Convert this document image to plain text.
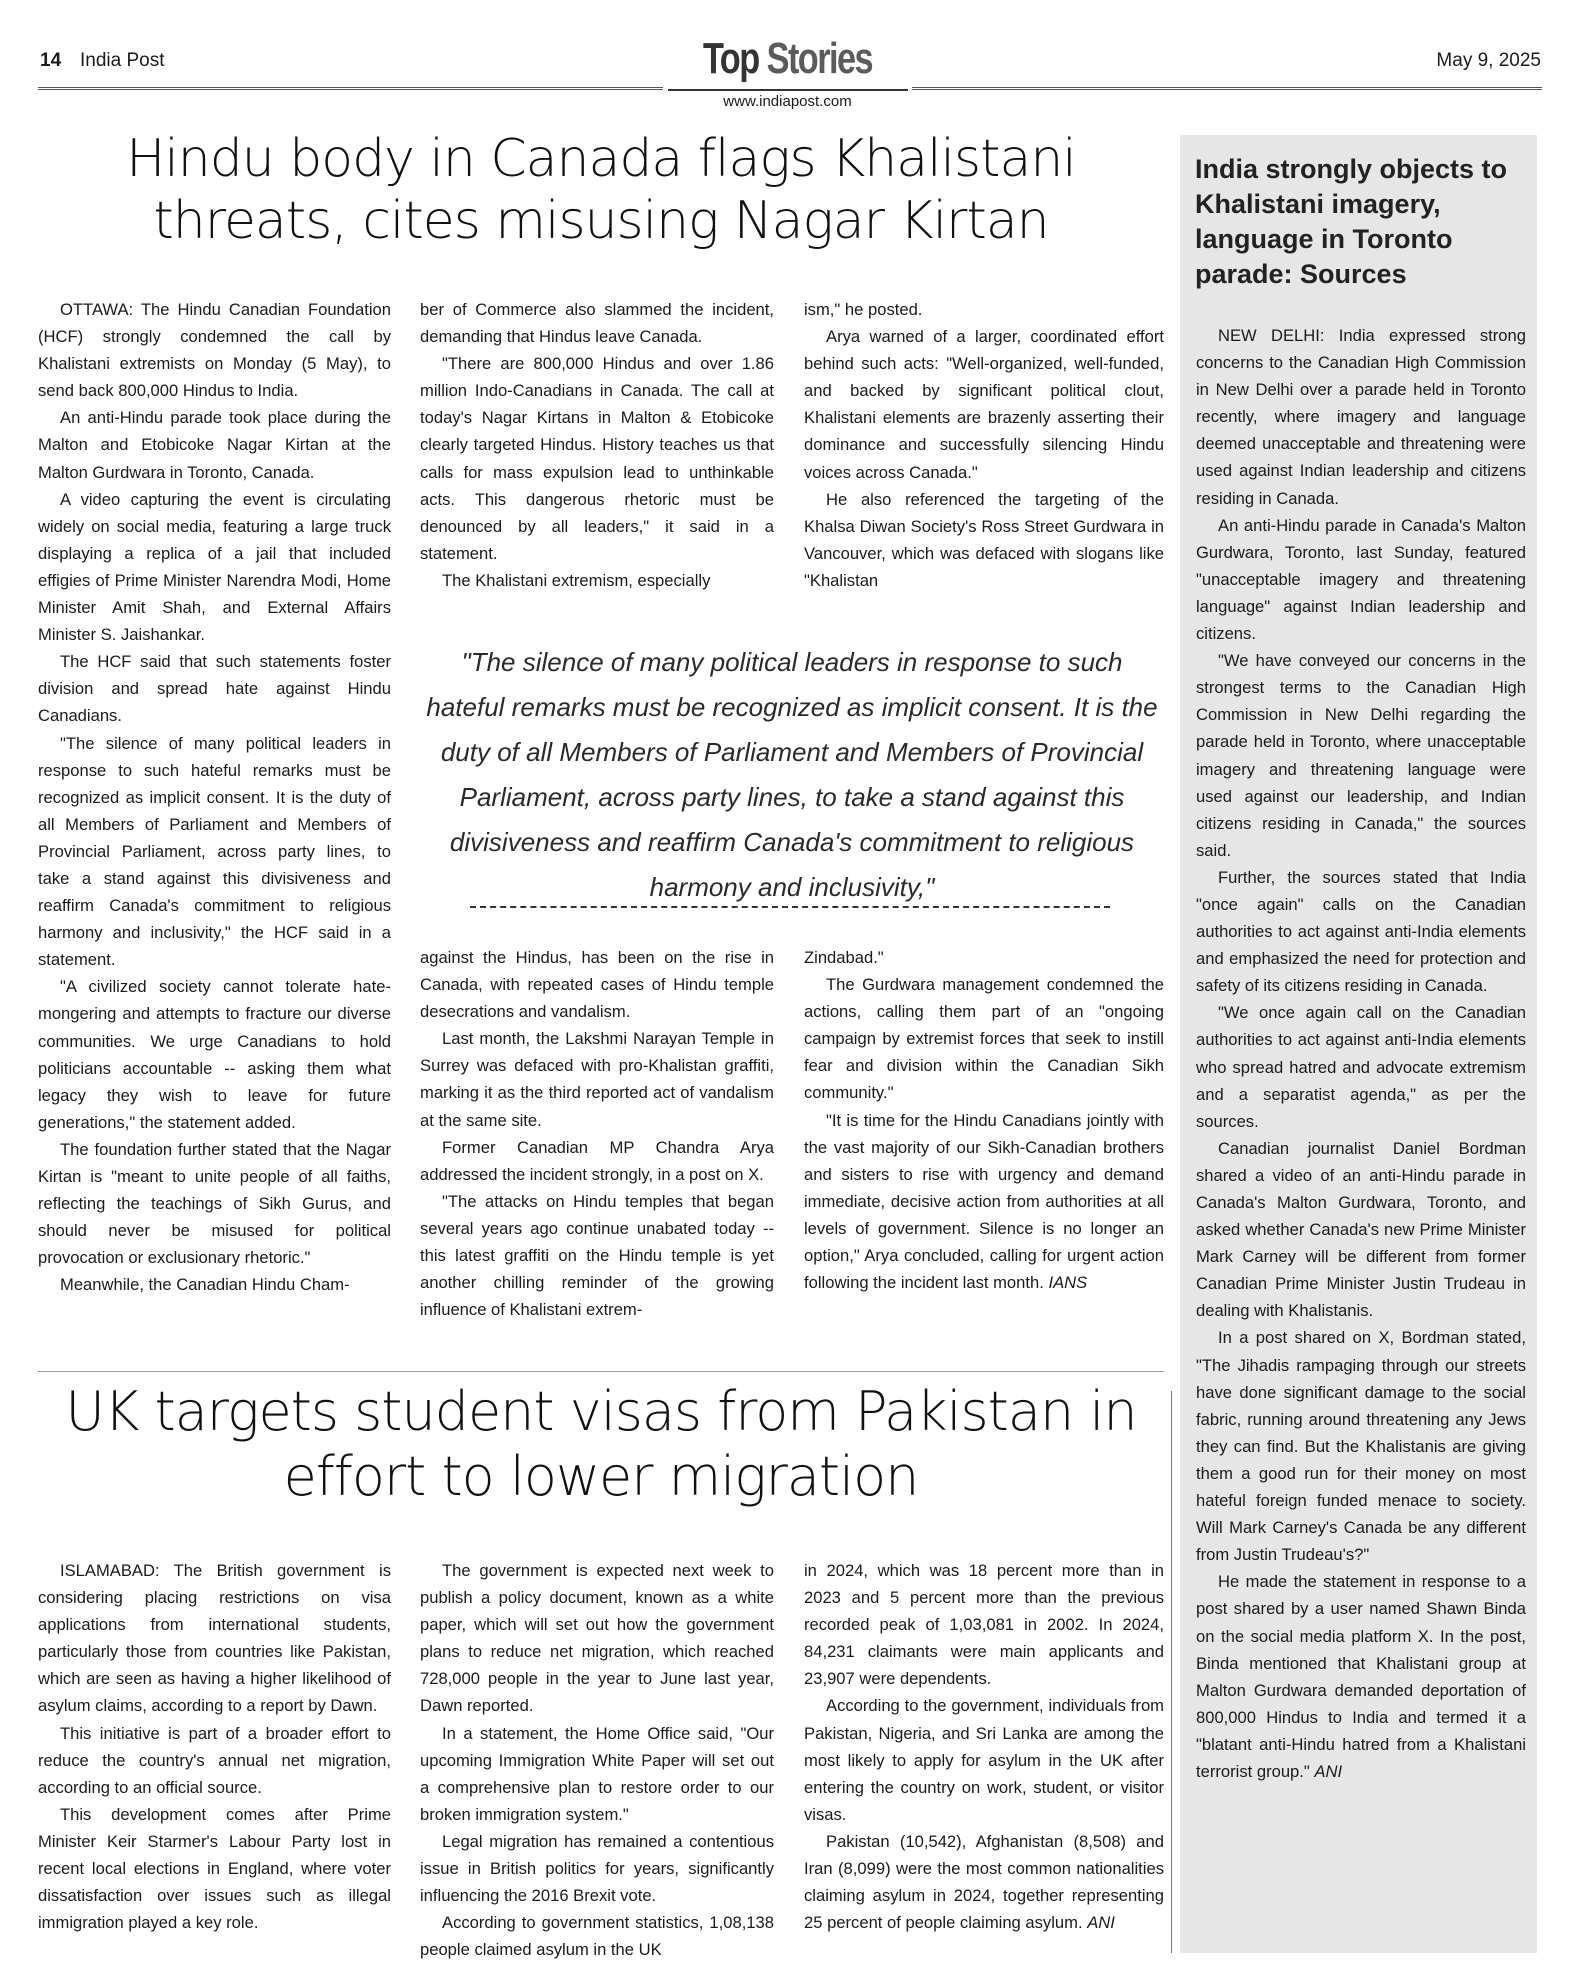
14 India Post	Top Stories
www.indiapost.com
May 9, 2025
Hindu body in Canada flags Khalistani threats, cites misusing Nagar Kirtan

OTTAWA: The Hindu Canadian Foundation (HCF) strongly condemned the call by Khalistani extremists on Monday (5 May), to send back 800,000 Hindus to India.

An anti-Hindu parade took place during the Malton and Etobicoke Nagar Kirtan at the Malton Gurdwara in Toronto, Canada.

A video capturing the event is circulating widely on social media, featuring a large truck displaying a replica of a jail that included effigies of Prime Minister Narendra Modi, Home Minister Amit Shah, and External Affairs Minister S. Jaishankar.

The HCF said that such statements foster division and spread hate against Hindu Canadians.

"The silence of many political leaders in response to such hateful remarks must be recognized as implicit consent. It is the duty of all Members of Parliament and Members of Provincial Parliament, across party lines, to take a stand against this divisiveness and reaffirm Canada's commitment to religious harmony and inclusivity," the HCF said in a statement.

"A civilized society cannot tolerate hate-mongering and attempts to fracture our diverse communities. We urge Canadians to hold politicians accountable -- asking them what legacy they wish to leave for future generations," the statement added.

The foundation further stated that the Nagar Kirtan is "meant to unite people of all faiths, reflecting the teachings of Sikh Gurus, and should never be misused for political provocation or exclusionary rhetoric."

Meanwhile, the Canadian Hindu Cham-

ber of Commerce also slammed the incident, demanding that Hindus leave Canada.

"There are 800,000 Hindus and over 1.86 million Indo-Canadians in Canada. The call at today's Nagar Kirtans in Malton & Etobicoke clearly targeted Hindus. History teaches us that calls for mass expulsion lead to unthinkable acts. This dangerous rhetoric must be denounced by all leaders," it said in a statement.

The Khalistani extremism, especially

ism," he posted.

Arya warned of a larger, coordinated effort behind such acts: "Well-organized, well-funded, and backed by significant political clout, Khalistani elements are brazenly asserting their dominance and successfully silencing Hindu voices across Canada."

He also referenced the targeting of the Khalsa Diwan Society's Ross Street Gurdwara in Vancouver, which was defaced with slogans like "Khalistan

"The silence of many political leaders in response to such hateful remarks must be recognized as implicit consent. It is the duty of all Members of Parliament and Members of Provincial Parliament, across party lines, to take a stand against this divisiveness and reaffirm Canada's commitment to religious harmony and inclusivity,"

against the Hindus, has been on the rise in Canada, with repeated cases of Hindu temple desecrations and vandalism.

Last month, the Lakshmi Narayan Temple in Surrey was defaced with pro-Khalistan graffiti, marking it as the third reported act of vandalism at the same site.

Former Canadian MP Chandra Arya addressed the incident strongly, in a post on X.

"The attacks on Hindu temples that began several years ago continue unabated today -- this latest graffiti on the Hindu temple is yet another chilling reminder of the growing influence of Khalistani extrem-

Zindabad."

The Gurdwara management condemned the actions, calling them part of an "ongoing campaign by extremist forces that seek to instill fear and division within the Canadian Sikh community."

"It is time for the Hindu Canadians jointly with the vast majority of our Sikh-Canadian brothers and sisters to rise with urgency and demand immediate, decisive action from authorities at all levels of government. Silence is no longer an option," Arya concluded, calling for urgent action following the incident last month. IANS

UK targets student visas from Pakistan in effort to lower migration

ISLAMABAD: The British government is considering placing restrictions on visa applications from international students, particularly those from countries like Pakistan, which are seen as having a higher likelihood of asylum claims, according to a report by Dawn.

This initiative is part of a broader effort to reduce the country's annual net migration, according to an official source.

This development comes after Prime Minister Keir Starmer's Labour Party lost in recent local elections in England, where voter dissatisfaction over issues such as illegal immigration played a key role.

The government is expected next week to publish a policy document, known as a white paper, which will set out how the government plans to reduce net migration, which reached 728,000 people in the year to June last year, Dawn reported.

In a statement, the Home Office said, "Our upcoming Immigration White Paper will set out a comprehensive plan to restore order to our broken immigration system."

Legal migration has remained a contentious issue in British politics for years, significantly influencing the 2016 Brexit vote.

According to government statistics, 1,08,138 people claimed asylum in the UK

in 2024, which was 18 percent more than in 2023 and 5 percent more than the previous recorded peak of 1,03,081 in 2002. In 2024, 84,231 claimants were main applicants and 23,907 were dependents.

According to the government, individuals from Pakistan, Nigeria, and Sri Lanka are among the most likely to apply for asylum in the UK after entering the country on work, student, or visitor visas.

Pakistan (10,542), Afghanistan (8,508) and Iran (8,099) were the most common nationalities claiming asylum in 2024, together representing 25 percent of people claiming asylum. ANI

India strongly objects to Khalistani imagery, language in Toronto parade: Sources

NEW DELHI: India expressed strong concerns to the Canadian High Commission in New Delhi over a parade held in Toronto recently, where imagery and language deemed unacceptable and threatening were used against Indian leadership and citizens residing in Canada.

An anti-Hindu parade in Canada's Malton Gurdwara, Toronto, last Sunday, featured "unacceptable imagery and threatening language" against Indian leadership and citizens.

"We have conveyed our concerns in the strongest terms to the Canadian High Commission in New Delhi regarding the parade held in Toronto, where unacceptable imagery and threatening language were used against our leadership, and Indian citizens residing in Canada," the sources said.

Further, the sources stated that India "once again" calls on the Canadian authorities to act against anti-India elements and emphasized the need for protection and safety of its citizens residing in Canada.

"We once again call on the Canadian authorities to act against anti-India elements who spread hatred and advocate extremism and a separatist agenda," as per the sources.

Canadian journalist Daniel Bordman shared a video of an anti-Hindu parade in Canada's Malton Gurdwara, Toronto, and asked whether Canada's new Prime Minister Mark Carney will be different from former Canadian Prime Minister Justin Trudeau in dealing with Khalistanis.

In a post shared on X, Bordman stated, "The Jihadis rampaging through our streets have done significant damage to the social fabric, running around threatening any Jews they can find. But the Khalistanis are giving them a good run for their money on most hateful foreign funded menace to society. Will Mark Carney's Canada be any different from Justin Trudeau's?"

He made the statement in response to a post shared by a user named Shawn Binda on the social media platform X. In the post, Binda mentioned that Khalistani group at Malton Gurdwara demanded deportation of 800,000 Hindus to India and termed it a "blatant anti-Hindu hatred from a Khalistani terrorist group." ANI
